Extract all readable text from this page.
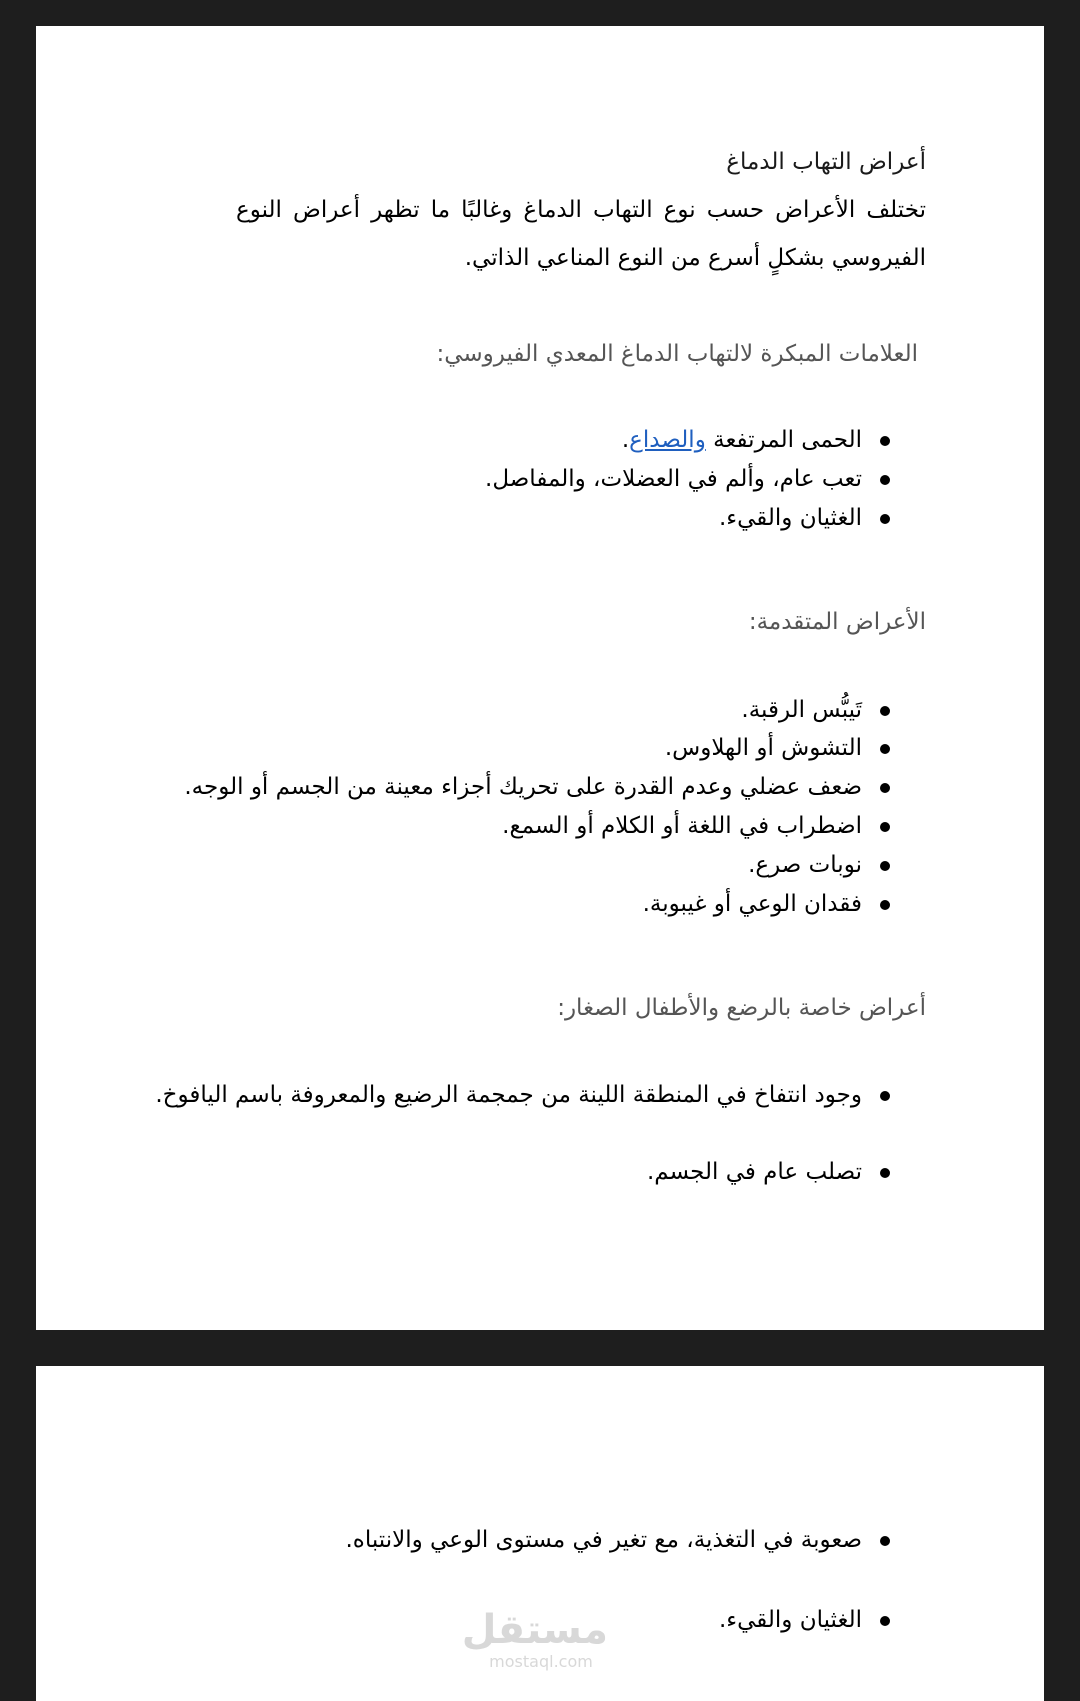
أعراض التهاب الدماغ
تختلف الأعراض حسب نوع التهاب الدماغ وغالبًا ما تظهر أعراض النوع الفيروسي بشكلٍ أسرع من النوع المناعي الذاتي.
العلامات المبكرة لالتهاب الدماغ المعدي الفيروسي:
الحمى المرتفعة والصداع.
تعب عام، وألم في العضلات، والمفاصل.
الغثيان والقيء.
الأعراض المتقدمة:
تَيبُّس الرقبة.
التشوش أو الهلاوس.
ضعف عضلي وعدم القدرة على تحريك أجزاء معينة من الجسم أو الوجه.
اضطراب في اللغة أو الكلام أو السمع.
نوبات صرع.
فقدان الوعي أو غيبوبة.
أعراض خاصة بالرضع والأطفال الصغار:
وجود انتفاخ في المنطقة اللينة من جمجمة الرضيع والمعروفة باسم اليافوخ.
تصلب عام في الجسم.
صعوبة في التغذية، مع تغير في مستوى الوعي والانتباه.
الغثيان والقيء.
مستقل
mostaql.com
